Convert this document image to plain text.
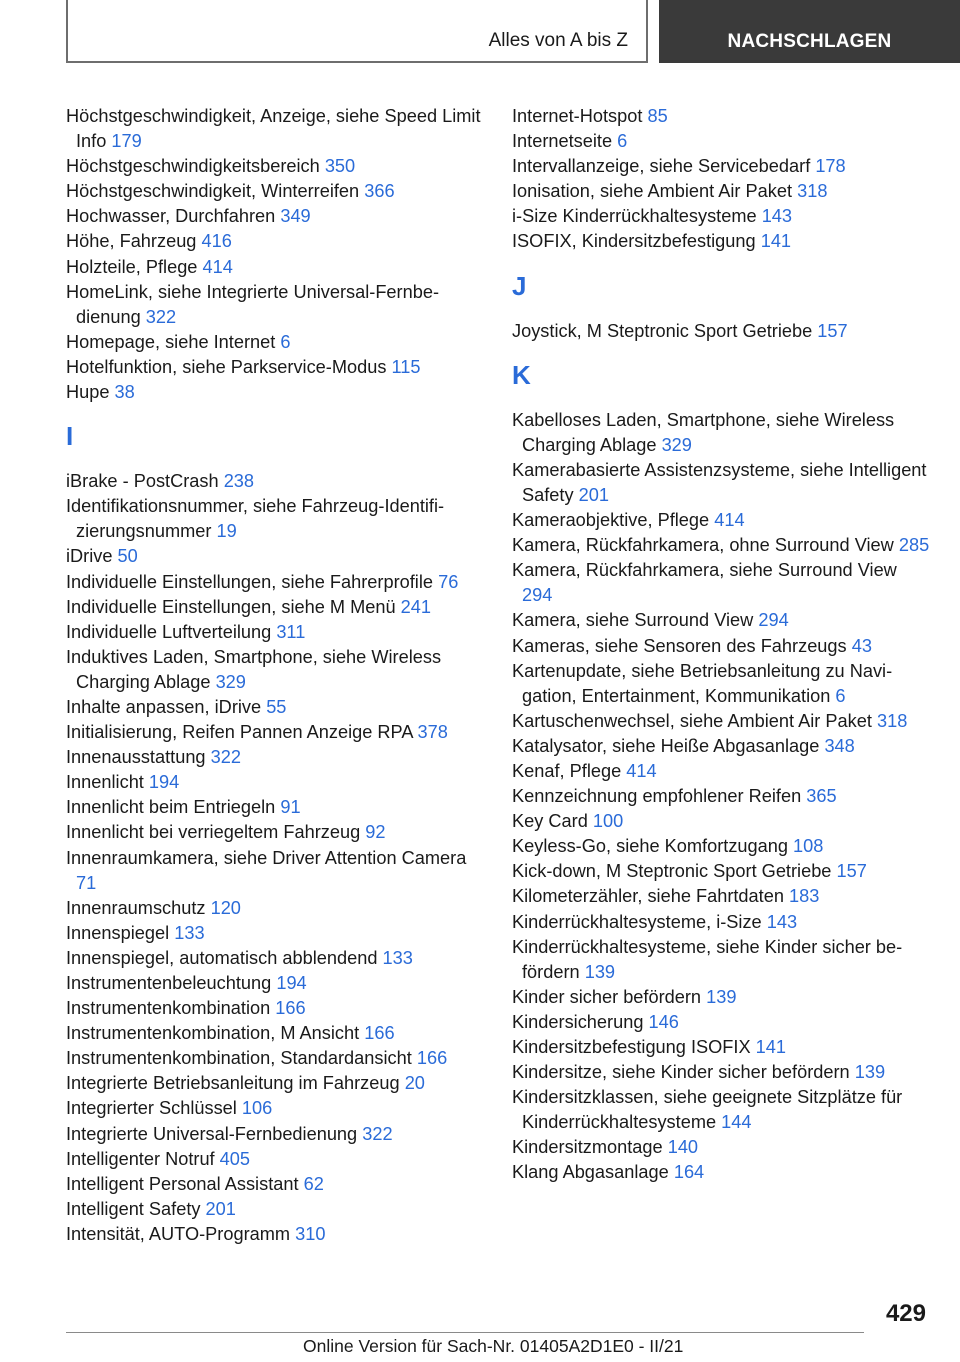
Alles von A bis Z	NACHSCHLAGEN

Höchstgeschwindigkeit, Anzeige, siehe Speed Limit Info 179

Höchstgeschwindigkeitsbereich 350

Höchstgeschwindigkeit, Winterreifen 366

Hochwasser, Durchfahren 349

Höhe, Fahrzeug 416

Holzteile, Pflege 414

HomeLink, siehe Integrierte Universal-Fernbedienung 322

Homepage, siehe Internet 6

Hotelfunktion, siehe Parkservice-Modus 115

Hupe 38

I

iBrake - PostCrash 238

Identifikationsnummer, siehe Fahrzeug-Identifizierungsnummer 19

iDrive 50

Individuelle Einstellungen, siehe Fahrerprofile 76

Individuelle Einstellungen, siehe M Menü 241

Individuelle Luftverteilung 311

Induktives Laden, Smartphone, siehe Wireless Charging Ablage 329

Inhalte anpassen, iDrive 55

Initialisierung, Reifen Pannen Anzeige RPA 378

Innenausstattung 322

Innenlicht 194

Innenlicht beim Entriegeln 91

Innenlicht bei verriegeltem Fahrzeug 92

Innenraumkamera, siehe Driver Attention Camera 71

Innenraumschutz 120

Innenspiegel 133

Innenspiegel, automatisch abblendend 133

Instrumentenbeleuchtung 194

Instrumentenkombination 166

Instrumentenkombination, M Ansicht 166

Instrumentenkombination, Standardansicht 166

Integrierte Betriebsanleitung im Fahrzeug 20

Integrierter Schlüssel 106

Integrierte Universal-Fernbedienung 322

Intelligenter Notruf 405

Intelligent Personal Assistant 62

Intelligent Safety 201

Intensität, AUTO-Programm 310

Internet-Hotspot 85

Internetseite 6

Intervallanzeige, siehe Servicebedarf 178

Ionisation, siehe Ambient Air Paket 318

i-Size Kinderrückhaltesysteme 143

ISOFIX, Kindersitzbefestigung 141

J

Joystick, M Steptronic Sport Getriebe 157

K

Kabelloses Laden, Smartphone, siehe Wireless Charging Ablage 329

Kamerabasierte Assistenzsysteme, siehe Intelligent Safety 201

Kameraobjektive, Pflege 414

Kamera, Rückfahrkamera, ohne Surround View 285

Kamera, Rückfahrkamera, siehe Surround View 294

Kamera, siehe Surround View 294

Kameras, siehe Sensoren des Fahrzeugs 43

Kartenupdate, siehe Betriebsanleitung zu Navigation, Entertainment, Kommunikation 6

Kartuschenwechsel, siehe Ambient Air Paket 318

Katalysator, siehe Heiße Abgasanlage 348

Kenaf, Pflege 414

Kennzeichnung empfohlener Reifen 365

Key Card 100

Keyless-Go, siehe Komfortzugang 108

Kick-down, M Steptronic Sport Getriebe 157

Kilometerzähler, siehe Fahrtdaten 183

Kinderrückhaltesysteme, i-Size 143

Kinderrückhaltesysteme, siehe Kinder sicher befördern 139

Kinder sicher befördern 139

Kindersicherung 146

Kindersitzbefestigung ISOFIX 141

Kindersitze, siehe Kinder sicher befördern 139

Kindersitzklassen, siehe geeignete Sitzplätze für Kinderrückhaltesysteme 144

Kindersitzmontage 140

Klang Abgasanlage 164

429
Online Version für Sach-Nr. 01405A2D1E0 - II/21
